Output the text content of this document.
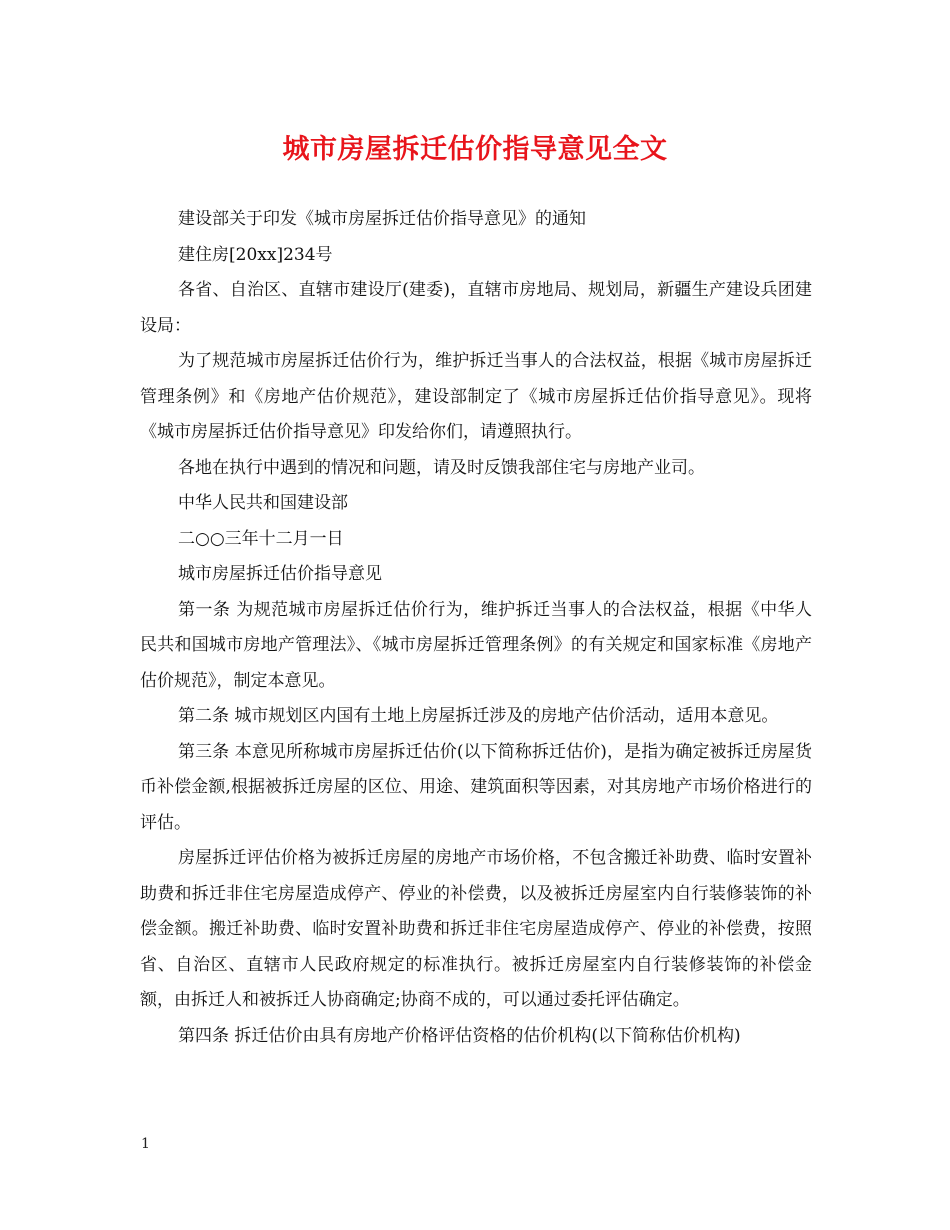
城市房屋拆迁估价指导意见全文

建设部关于印发《城市房屋拆迁估价指导意见》的通知

建住房[20xx]234号

各省、自治区、直辖市建设厅(建委)，直辖市房地局、规划局，新疆生产建设兵团建设局：

为了规范城市房屋拆迁估价行为，维护拆迁当事人的合法权益，根据《城市房屋拆迁管理条例》和《房地产估价规范》，建设部制定了《城市房屋拆迁估价指导意见》。现将《城市房屋拆迁估价指导意见》印发给你们，请遵照执行。

各地在执行中遇到的情况和问题，请及时反馈我部住宅与房地产业司。

中华人民共和国建设部

二○○三年十二月一日

城市房屋拆迁估价指导意见

第一条 为规范城市房屋拆迁估价行为，维护拆迁当事人的合法权益，根据《中华人民共和国城市房地产管理法》、《城市房屋拆迁管理条例》的有关规定和国家标准《房地产估价规范》，制定本意见。

第二条 城市规划区内国有土地上房屋拆迁涉及的房地产估价活动，适用本意见。

第三条 本意见所称城市房屋拆迁估价(以下简称拆迁估价)，是指为确定被拆迁房屋货币补偿金额,根据被拆迁房屋的区位、用途、建筑面积等因素，对其房地产市场价格进行的评估。

房屋拆迁评估价格为被拆迁房屋的房地产市场价格，不包含搬迁补助费、临时安置补助费和拆迁非住宅房屋造成停产、停业的补偿费，以及被拆迁房屋室内自行装修装饰的补偿金额。搬迁补助费、临时安置补助费和拆迁非住宅房屋造成停产、停业的补偿费，按照省、自治区、直辖市人民政府规定的标准执行。被拆迁房屋室内自行装修装饰的补偿金额，由拆迁人和被拆迁人协商确定;协商不成的，可以通过委托评估确定。

第四条 拆迁估价由具有房地产价格评估资格的估价机构(以下简称估价机构)

1
